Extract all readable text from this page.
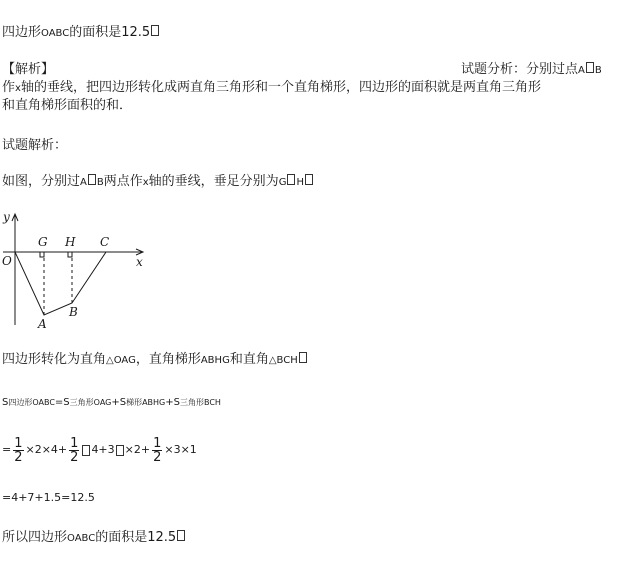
四边形OABC的面积是12.5
【解析】	试题分析：分别过点A B
作x轴的垂线，把四边形转化成两直角三角形和一个直角梯形，四边形的面积就是两直角三角形
和直角梯形面积的和．
试题解析：
如图，分别过A B两点作x轴的垂线，垂足分别为G H
y
x
O
G H C
A
B
四边形转化为直角△OAG，直角梯形ABHG和直角△BCH
S四边形OABC=S三角形OAG+S梯形ABHG+S三角形BCH
= $\frac{1}{2} \times 2\times 4+ \frac{1}{2} 4+3 \times 2+ \frac{1}{2} \times 3\times 1$
=4+7+1.5=12.5
所以四边形OABC的面积是12.5
